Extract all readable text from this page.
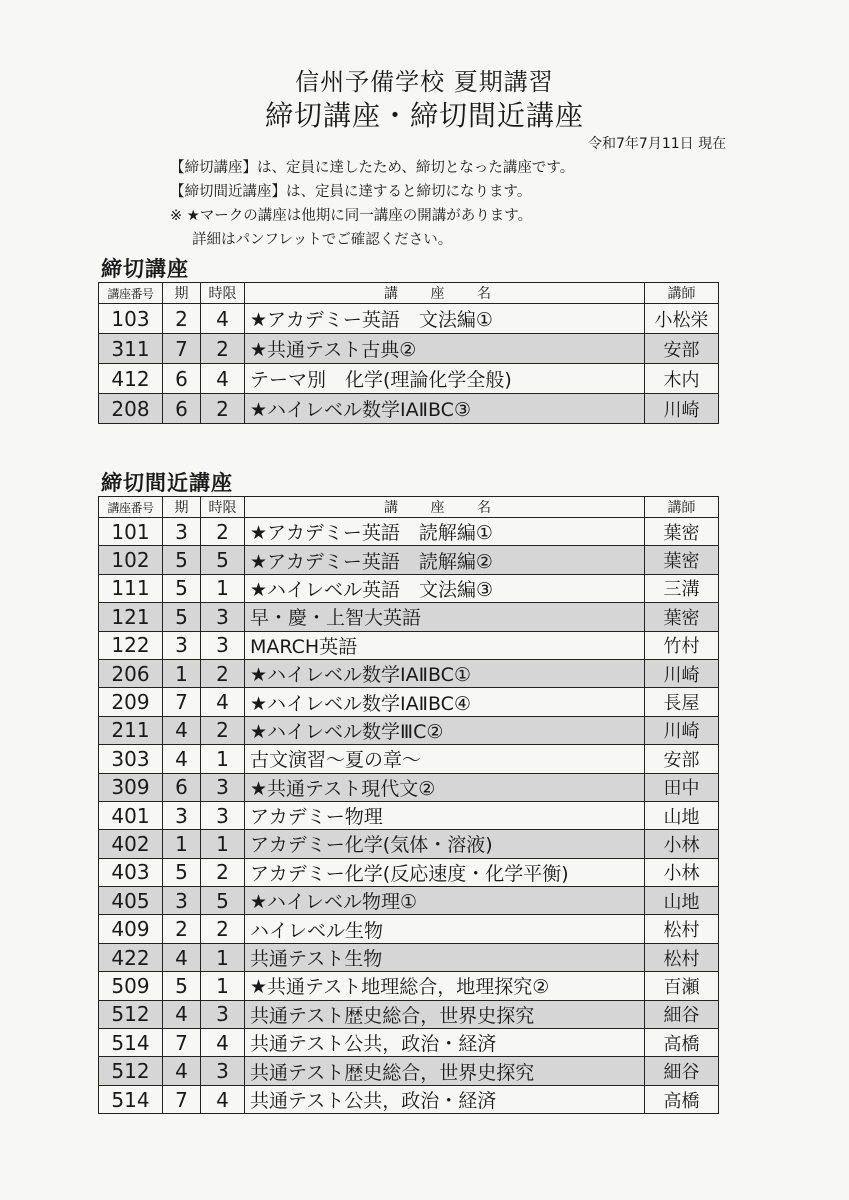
信州予備学校 夏期講習
締切講座・締切間近講座
令和7年7月11日 現在
【締切講座】は、定員に達したため、締切となった講座です。
【締切間近講座】は、定員に達すると締切になります。
※ ★マークの講座は他期に同一講座の開講があります。
詳細はパンフレットでご確認ください。
締切講座
講座番号	期	時限	講 座 名	講師
103	2	4	★アカデミー英語　文法編①	小松栄
311	7	2	★共通テスト古典②	安部
412	6	4	テーマ別　化学(理論化学全般)	木内
208	6	2	★ハイレベル数学ⅠAⅡBC③	川崎
締切間近講座
講座番号	期	時限	講 座 名	講師
101	3	2	★アカデミー英語　読解編①	葉密
102	5	5	★アカデミー英語　読解編②	葉密
111	5	1	★ハイレベル英語　文法編③	三溝
121	5	3	早・慶・上智大英語	葉密
122	3	3	MARCH英語	竹村
206	1	2	★ハイレベル数学ⅠAⅡBC①	川崎
209	7	4	★ハイレベル数学ⅠAⅡBC④	長屋
211	4	2	★ハイレベル数学ⅢC②	川崎
303	4	1	古文演習～夏の章～	安部
309	6	3	★共通テスト現代文②	田中
401	3	3	アカデミー物理	山地
402	1	1	アカデミー化学(気体・溶液)	小林
403	5	2	アカデミー化学(反応速度・化学平衡)	小林
405	3	5	★ハイレベル物理①	山地
409	2	2	ハイレベル生物	松村
422	4	1	共通テスト生物	松村
509	5	1	★共通テスト地理総合，地理探究②	百瀬
512	4	3	共通テスト歴史総合，世界史探究	細谷
514	7	4	共通テスト公共，政治・経済	高橋
512	4	3	共通テスト歴史総合，世界史探究	細谷
514	7	4	共通テスト公共，政治・経済	高橋
